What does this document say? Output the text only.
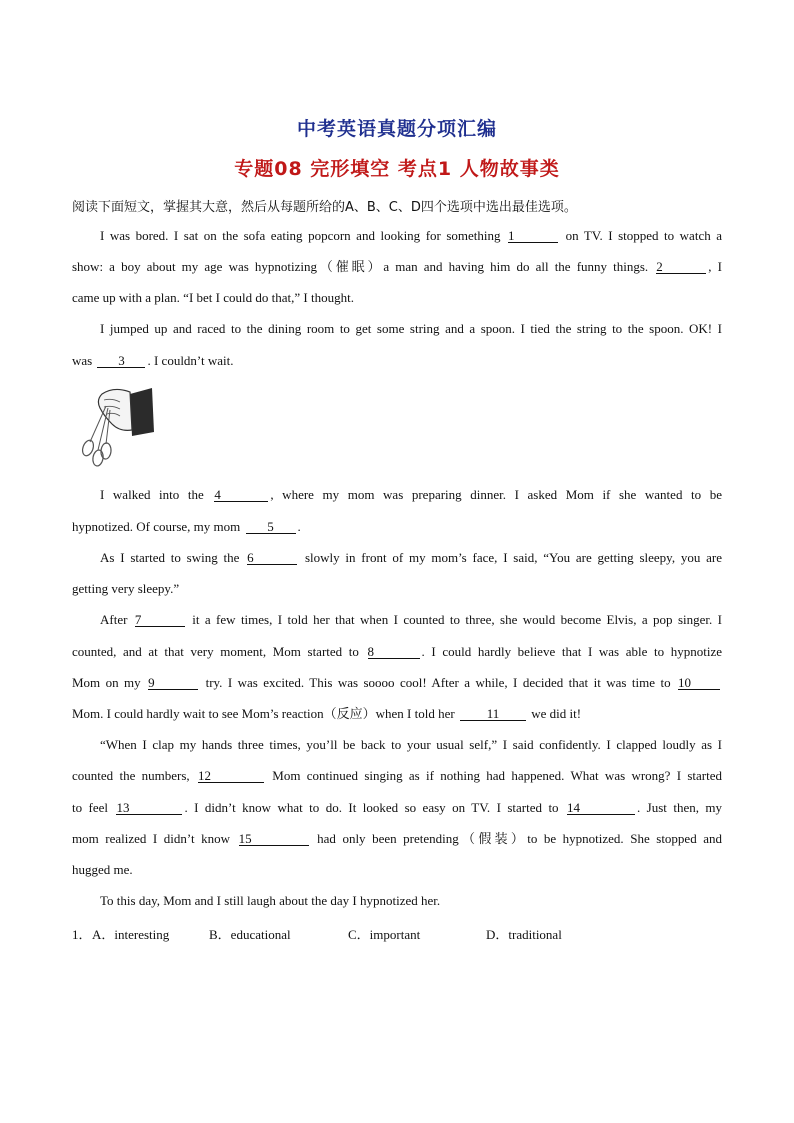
中考英语真题分项汇编
专题08 完形填空 考点1 人物故事类
阅读下面短文，掌握其大意，然后从每题所给的A、B、C、D四个选项中选出最佳选项。
I was bored. I sat on the sofa eating popcorn and looking for something 1	on TV. I stopped to watch a
show: a boy about my age was hypnotizing（催眠）a man and having him do all the funny things. 2	, I
came up with a plan. “I bet I could do that,” I thought.
I jumped up and raced to the dining room to get some string and a spoon. I tied the string to the spoon. OK! I
was 3 . I couldn’t wait.
I walked into the 4	, where my mom was preparing dinner. I asked Mom if she wanted to be
hypnotized. Of course, my mom 5 .
As I started to swing the 6	slowly in front of my mom’s face, I said, “You are getting sleepy, you are
getting very sleepy.”
After 7	it a few times, I told her that when I counted to three, she would become Elvis, a pop singer. I
counted, and at that very moment, Mom started to 8	. I could hardly believe that I was able to hypnotize
Mom on my 9	try. I was excited. This was soooo cool! After a while, I decided that it was time to 10
Mom. I could hardly wait to see Mom’s reaction（反应）when I told her 11 we did it!
“When I clap my hands three times, you’ll be back to your usual self,” I said confidently. I clapped loudly as I
counted the numbers, 12	Mom continued singing as if nothing had happened. What was wrong? I started
to feel 13	. I didn’t know what to do. It looked so easy on TV. I started to 14	. Just then, my
mom realized I didn’t know 15	had only been pretending（假装）to be hypnotized. She stopped and
hugged me.
To this day, Mom and I still laugh about the day I hypnotized her.
1．A．interesting	B．educational	C．important	D．traditional
